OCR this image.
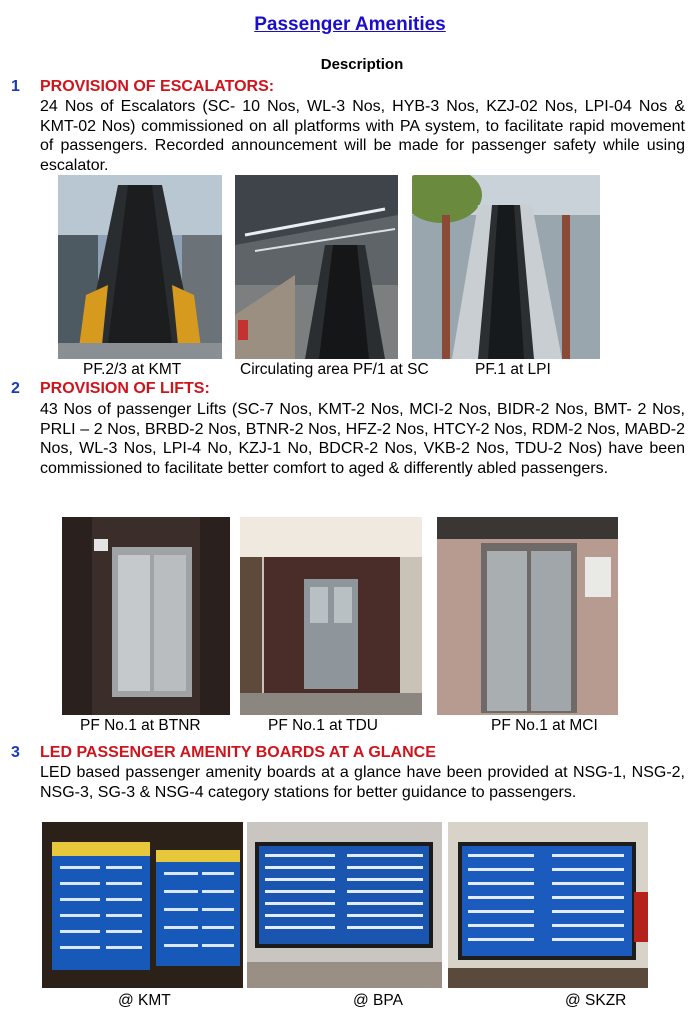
Passenger Amenities
Description
1 PROVISION OF ESCALATORS:
24 Nos of Escalators (SC- 10 Nos, WL-3 Nos, HYB-3 Nos, KZJ-02 Nos, LPI-04 Nos & KMT-02 Nos) commissioned on all platforms with PA system, to facilitate rapid movement of passengers. Recorded announcement will be made for passenger safety while using escalator.
PF.2/3 at KMT	Circulating area PF/1 at SC	PF.1 at LPI
2 PROVISION OF LIFTS:
43 Nos of passenger Lifts (SC-7 Nos, KMT-2 Nos, MCI-2 Nos, BIDR-2 Nos, BMT- 2 Nos, PRLI – 2 Nos, BRBD-2 Nos, BTNR-2 Nos, HFZ-2 Nos, HTCY-2 Nos, RDM-2 Nos, MABD-2 Nos, WL-3 Nos, LPI-4 No, KZJ-1 No, BDCR-2 Nos, VKB-2 Nos, TDU-2 Nos) have been commissioned to facilitate better comfort to aged & differently abled passengers.
PF No.1 at BTNR	PF No.1 at TDU	PF No.1 at MCI
3 LED PASSENGER AMENITY BOARDS AT A GLANCE
LED based passenger amenity boards at a glance have been provided at NSG-1, NSG-2, NSG-3, SG-3 & NSG-4 category stations for better guidance to passengers.
@ KMT	@ BPA	@ SKZR
